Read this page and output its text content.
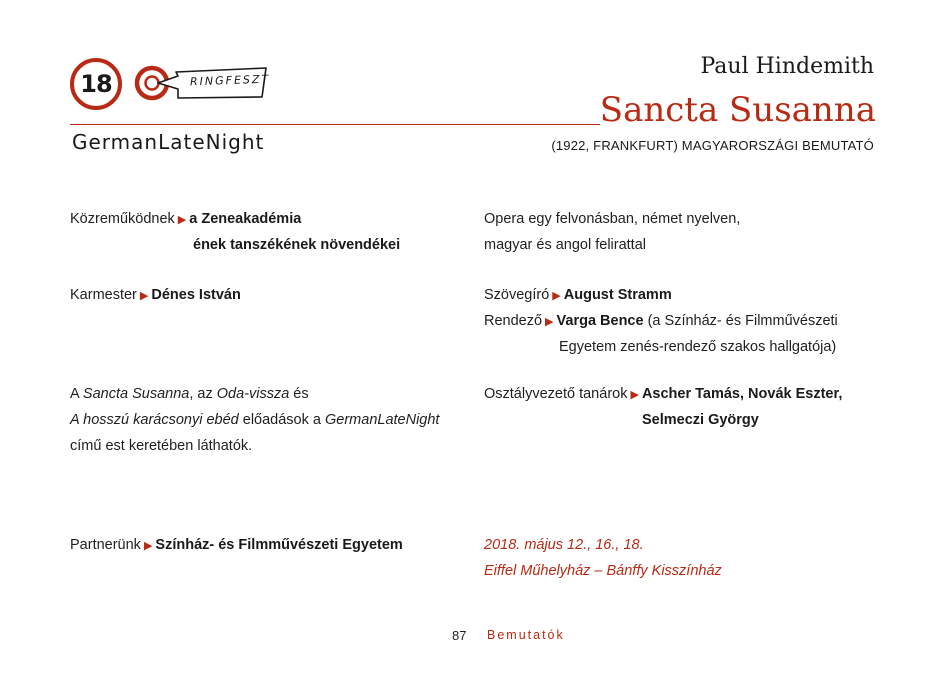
18	RINGFESZT
GermanLateNight
Paul Hindemith
Sancta Susanna
(1922, FRANKFURT) MAGYARORSZÁGI BEMUTATÓ
Közreműködnek ▶ a Zeneakadémia
ének tanszékének növendékei
Karmester ▶ Dénes István
A Sancta Susanna, az Oda-vissza és
A hosszú karácsonyi ebéd előadások a GermanLateNight
című est keretében láthatók.
Partnerünk ▶ Színház- és Filmművészeti Egyetem
Opera egy felvonásban, német nyelven,
magyar és angol felirattal
Szövegíró ▶ August Stramm
Rendező ▶ Varga Bence (a Színház- és Filmművészeti
Egyetem zenés-rendező szakos hallgatója)
Osztályvezető tanárok ▶ Ascher Tamás, Novák Eszter,
Selmeczi György
2018. május 12., 16., 18.
Eiffel Műhelyház – Bánffy Kisszínház
87 Bemutatók
